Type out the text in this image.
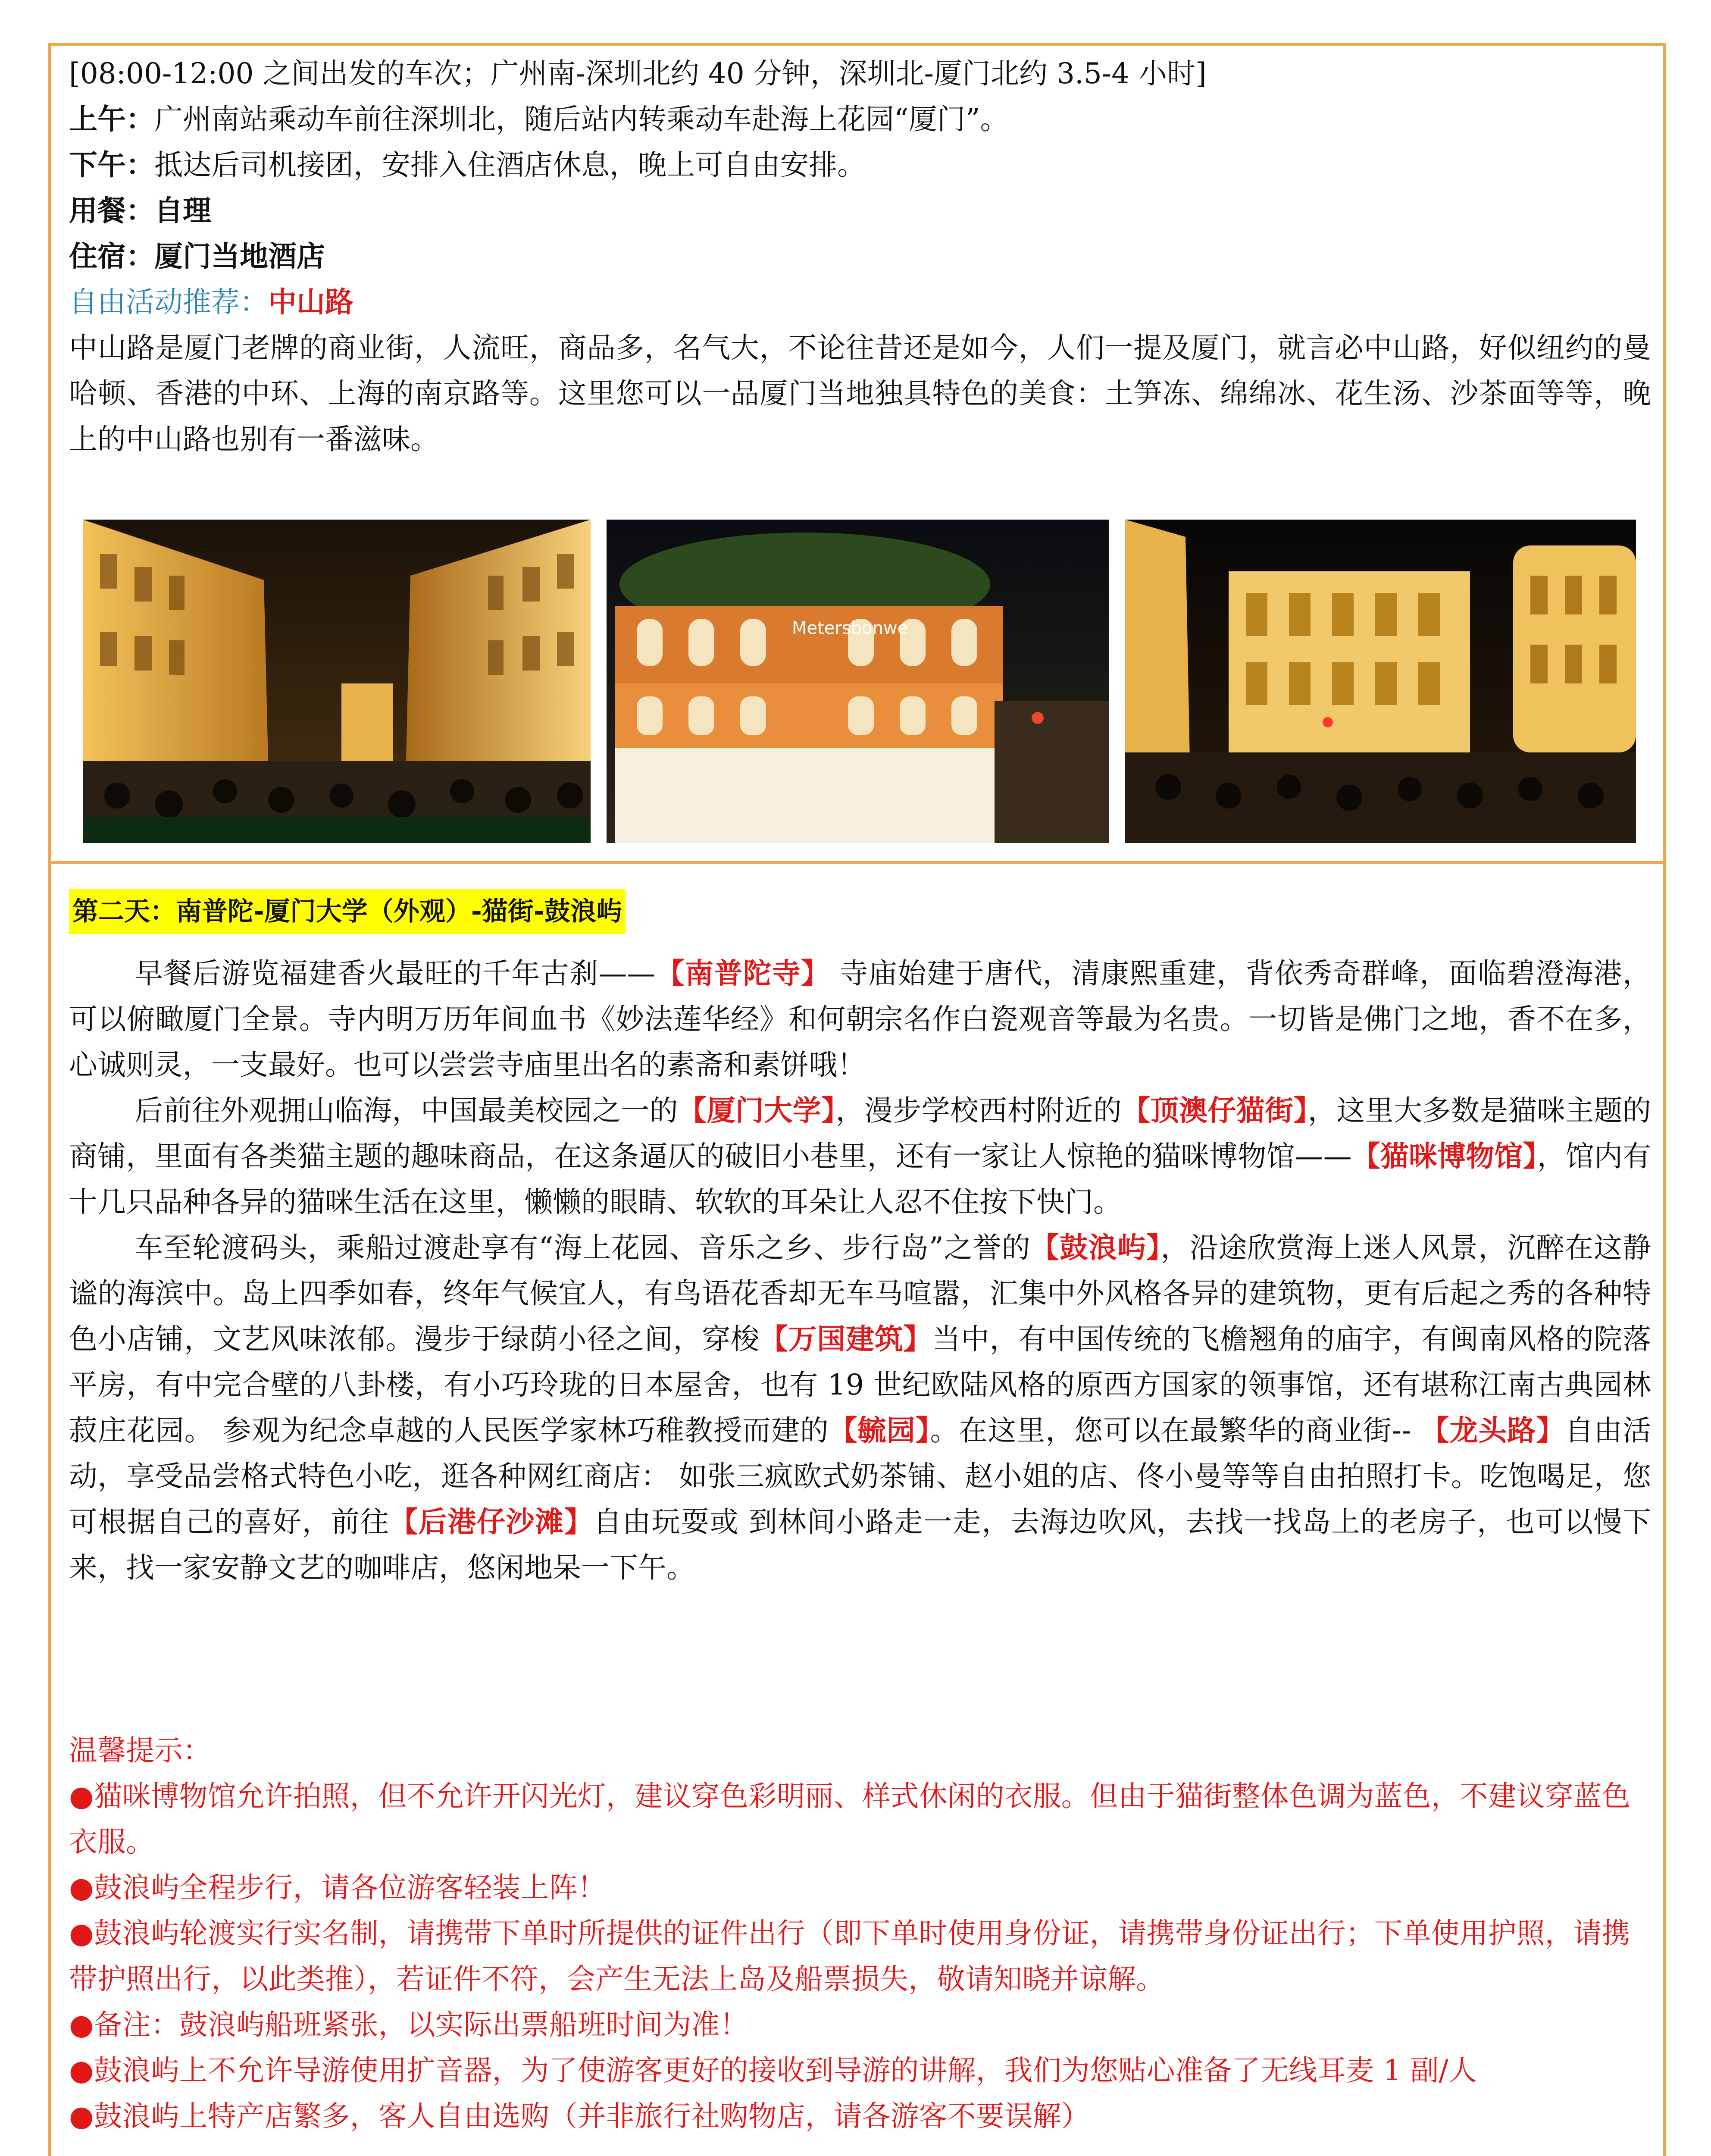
[08:00-12:00 之间出发的车次；广州南-深圳北约 40 分钟，深圳北-厦门北约 3.5-4 小时]
上午：广州南站乘动车前往深圳北，随后站内转乘动车赴海上花园“厦门”。
下午：抵达后司机接团，安排入住酒店休息，晚上可自由安排。
用餐：自理
住宿：厦门当地酒店
自由活动推荐：中山路
中山路是厦门老牌的商业街，人流旺，商品多，名气大，不论往昔还是如今，人们一提及厦门，就言必中山路，好似纽约的曼哈顿、香港的中环、上海的南京路等。这里您可以一品厦门当地独具特色的美食：土笋冻、绵绵冰、花生汤、沙茶面等等，晚上的中山路也别有一番滋味。
Metersbonwe
第二天：南普陀-厦门大学（外观）-猫街-鼓浪屿

早餐后游览福建香火最旺的千年古刹——【南普陀寺】 寺庙始建于唐代，清康熙重建，背依秀奇群峰，面临碧澄海港，可以俯瞰厦门全景。寺内明万历年间血书《妙法莲华经》和何朝宗名作白瓷观音等最为名贵。一切皆是佛门之地，香不在多，心诚则灵，一支最好。也可以尝尝寺庙里出名的素斋和素饼哦！

后前往外观拥山临海，中国最美校园之一的【厦门大学】，漫步学校西村附近的【顶澳仔猫街】，这里大多数是猫咪主题的商铺，里面有各类猫主题的趣味商品，在这条逼仄的破旧小巷里，还有一家让人惊艳的猫咪博物馆——【猫咪博物馆】，馆内有十几只品种各异的猫咪生活在这里，懒懒的眼睛、软软的耳朵让人忍不住按下快门。

车至轮渡码头，乘船过渡赴享有“海上花园、音乐之乡、步行岛”之誉的【鼓浪屿】，沿途欣赏海上迷人风景，沉醉在这静谧的海滨中。岛上四季如春，终年气候宜人，有鸟语花香却无车马喧嚣，汇集中外风格各异的建筑物，更有后起之秀的各种特色小店铺，文艺风味浓郁。漫步于绿荫小径之间，穿梭【万国建筑】当中，有中国传统的飞檐翘角的庙宇，有闽南风格的院落平房，有中完合壁的八卦楼，有小巧玲珑的日本屋舍，也有 19 世纪欧陆风格的原西方国家的领事馆，还有堪称江南古典园林菽庄花园。 参观为纪念卓越的人民医学家林巧稚教授而建的【毓园】。在这里，您可以在最繁华的商业街-- 【龙头路】自由活动，享受品尝格式特色小吃，逛各种网红商店： 如张三疯欧式奶茶铺、赵小姐的店、佟小曼等等自由拍照打卡。吃饱喝足，您可根据自己的喜好，前往【后港仔沙滩】自由玩耍或 到林间小路走一走，去海边吹风，去找一找岛上的老房子，也可以慢下来，找一家安静文艺的咖啡店，悠闲地呆一下午。

温馨提示：

●猫咪博物馆允许拍照，但不允许开闪光灯，建议穿色彩明丽、样式休闲的衣服。但由于猫街整体色调为蓝色，不建议穿蓝色衣服。

●鼓浪屿全程步行，请各位游客轻装上阵！

●鼓浪屿轮渡实行实名制，请携带下单时所提供的证件出行（即下单时使用身份证，请携带身份证出行；下单使用护照，请携带护照出行，以此类推），若证件不符，会产生无法上岛及船票损失，敬请知晓并谅解。

●备注：鼓浪屿船班紧张，以实际出票船班时间为准！

●鼓浪屿上不允许导游使用扩音器，为了使游客更好的接收到导游的讲解，我们为您贴心准备了无线耳麦 1 副/人

●鼓浪屿上特产店繁多，客人自由选购（并非旅行社购物店，请各游客不要误解）
